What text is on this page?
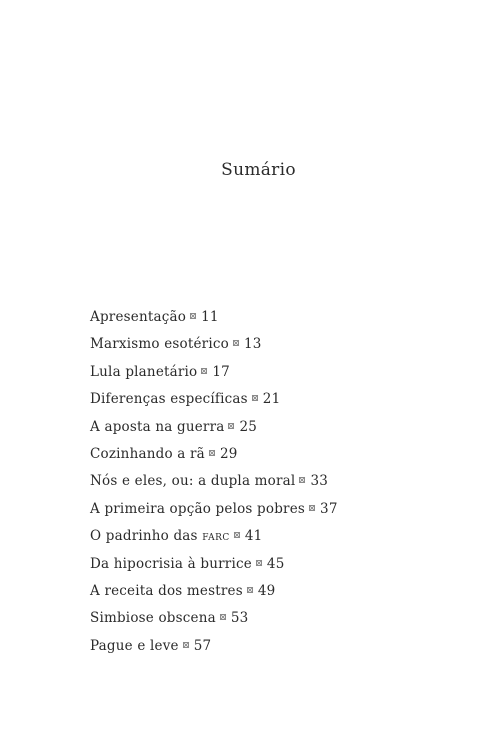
Sumário
Apresentação 11
Marxismo esotérico 13
Lula planetário 17
Diferenças específicas 21
A aposta na guerra 25
Cozinhando a rã 29
Nós e eles, ou: a dupla moral 33
A primeira opção pelos pobres 37
O padrinho das farc 41
Da hipocrisia à burrice 45
A receita dos mestres 49
Simbiose obscena 53
Pague e leve 57
